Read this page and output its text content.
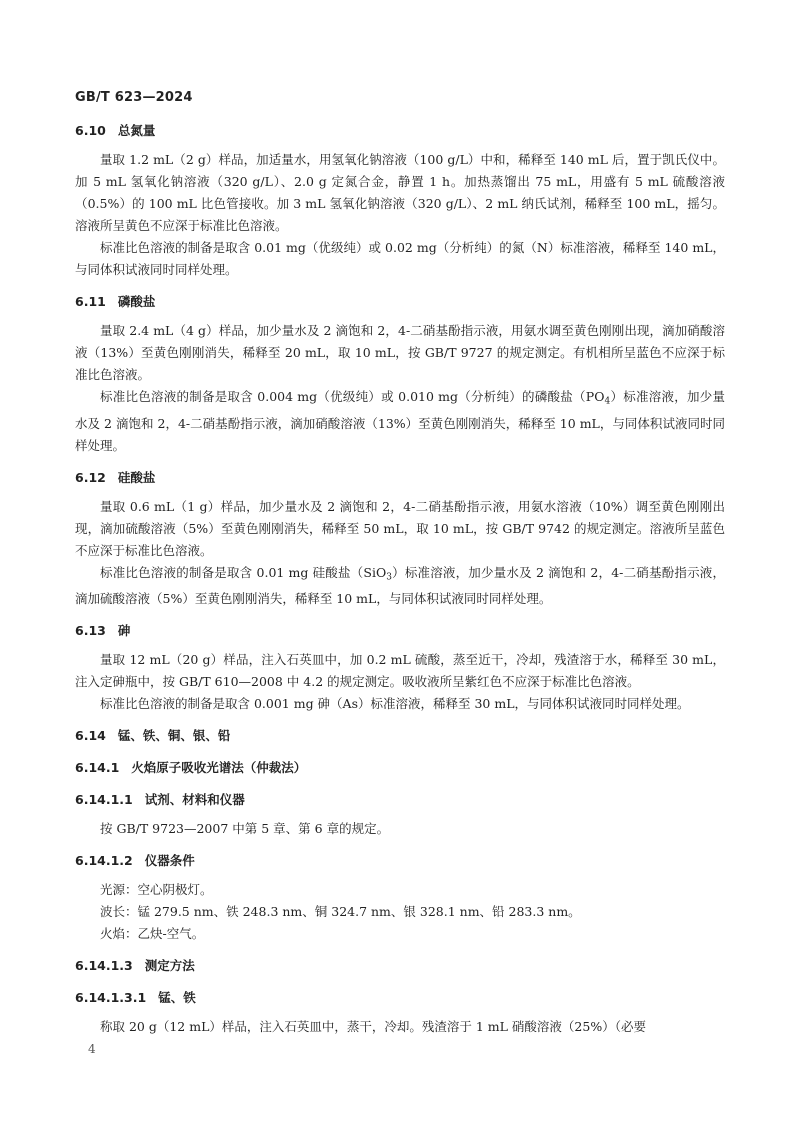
GB/T 623—2024
6.10 总氮量

量取 1.2 mL（2 g）样品，加适量水，用氢氧化钠溶液（100 g/L）中和，稀释至 140 mL 后，置于凯氏仪中。加 5 mL 氢氧化钠溶液（320 g/L）、2.0 g 定氮合金，静置 1 h。加热蒸馏出 75 mL，用盛有 5 mL 硫酸溶液（0.5%）的 100 mL 比色管接收。加 3 mL 氢氧化钠溶液（320 g/L）、2 mL 纳氏试剂，稀释至 100 mL，摇匀。溶液所呈黄色不应深于标准比色溶液。

标准比色溶液的制备是取含 0.01 mg（优级纯）或 0.02 mg（分析纯）的氮（N）标准溶液，稀释至 140 mL，与同体积试液同时同样处理。

6.11 磷酸盐

量取 2.4 mL（4 g）样品，加少量水及 2 滴饱和 2，4-二硝基酚指示液，用氨水调至黄色刚刚出现，滴加硝酸溶液（13%）至黄色刚刚消失，稀释至 20 mL，取 10 mL，按 GB/T 9727 的规定测定。有机相所呈蓝色不应深于标准比色溶液。

标准比色溶液的制备是取含 0.004 mg（优级纯）或 0.010 mg（分析纯）的磷酸盐$(PO_4)$标准溶液，加少量水及 2 滴饱和 2，4-二硝基酚指示液，滴加硝酸溶液（13%）至黄色刚刚消失，稀释至 10 mL，与同体积试液同时同样处理。

6.12 硅酸盐

量取 0.6 mL（1 g）样品，加少量水及 2 滴饱和 2，4-二硝基酚指示液，用氨水溶液（10%）调至黄色刚刚出现，滴加硫酸溶液（5%）至黄色刚刚消失，稀释至 50 mL，取 10 mL，按 GB/T 9742 的规定测定。溶液所呈蓝色不应深于标准比色溶液。

标准比色溶液的制备是取含 0.01 mg 硅酸盐（SiO$_3$）标准溶液，加少量水及 2 滴饱和 2，4-二硝基酚指示液，滴加硫酸溶液（5%）至黄色刚刚消失，稀释至 10 mL，与同体积试液同时同样处理。

6.13 砷

量取 12 mL（20 g）样品，注入石英皿中，加 0.2 mL 硫酸，蒸至近干，冷却，残渣溶于水，稀释至 30 mL，注入定砷瓶中，按 GB/T 610—2008 中 4.2 的规定测定。吸收液所呈紫红色不应深于标准比色溶液。

标准比色溶液的制备是取含 0.001 mg 砷（As）标准溶液，稀释至 30 mL，与同体积试液同时同样处理。

6.14 锰、铁、铜、银、铅
6.14.1 火焰原子吸收光谱法（仲裁法）
6.14.1.1 试剂、材料和仪器

按 GB/T 9723—2007 中第 5 章、第 6 章的规定。

6.14.1.2 仪器条件
光源：空心阴极灯。
波长：锰 279.5 nm、铁 248.3 nm、铜 324.7 nm、银 328.1 nm、铅 283.3 nm。
火焰：乙炔-空气。
6.14.1.3 测定方法
6.14.1.3.1 锰、铁
称取 20 g（12 mL）样品，注入石英皿中，蒸干，冷却。残渣溶于 1 mL 硝酸溶液（25%）（必要
4
